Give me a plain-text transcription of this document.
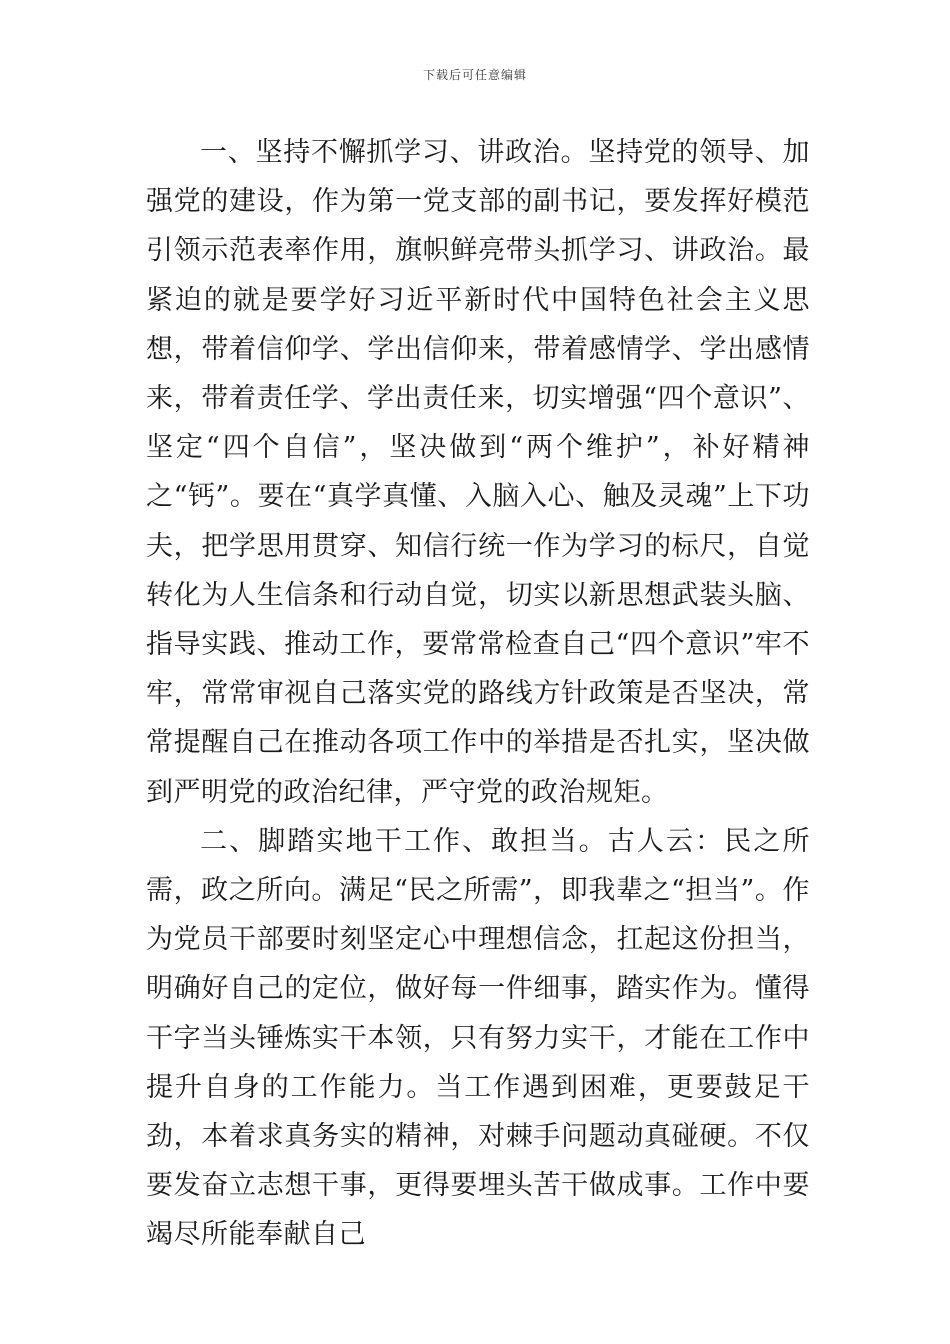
下载后可任意编辑

一、坚持不懈抓学习、讲政治。坚持党的领导、加强党的建设，作为第一党支部的副书记，要发挥好模范引领示范表率作用，旗帜鲜亮带头抓学习、讲政治。最紧迫的就是要学好习近平新时代中国特色社会主义思想，带着信仰学、学出信仰来，带着感情学、学出感情来，带着责任学、学出责任来，切实增强“四个意识”、坚定“四个自信”，坚决做到“两个维护”，补好精神之“钙”。要在“真学真懂、入脑入心、触及灵魂”上下功夫，把学思用贯穿、知信行统一作为学习的标尺，自觉转化为人生信条和行动自觉，切实以新思想武装头脑、指导实践、推动工作，要常常检查自己“四个意识”牢不牢，常常审视自己落实党的路线方针政策是否坚决，常常提醒自己在推动各项工作中的举措是否扎实，坚决做到严明党的政治纪律，严守党的政治规矩。

二、脚踏实地干工作、敢担当。古人云：民之所需，政之所向。满足“民之所需”，即我辈之“担当”。作为党员干部要时刻坚定心中理想信念，扛起这份担当，明确好自己的定位，做好每一件细事，踏实作为。懂得干字当头锤炼实干本领，只有努力实干，才能在工作中提升自身的工作能力。当工作遇到困难，更要鼓足干劲，本着求真务实的精神，对棘手问题动真碰硬。不仅要发奋立志想干事，更得要埋头苦干做成事。工作中要竭尽所能奉献自己
